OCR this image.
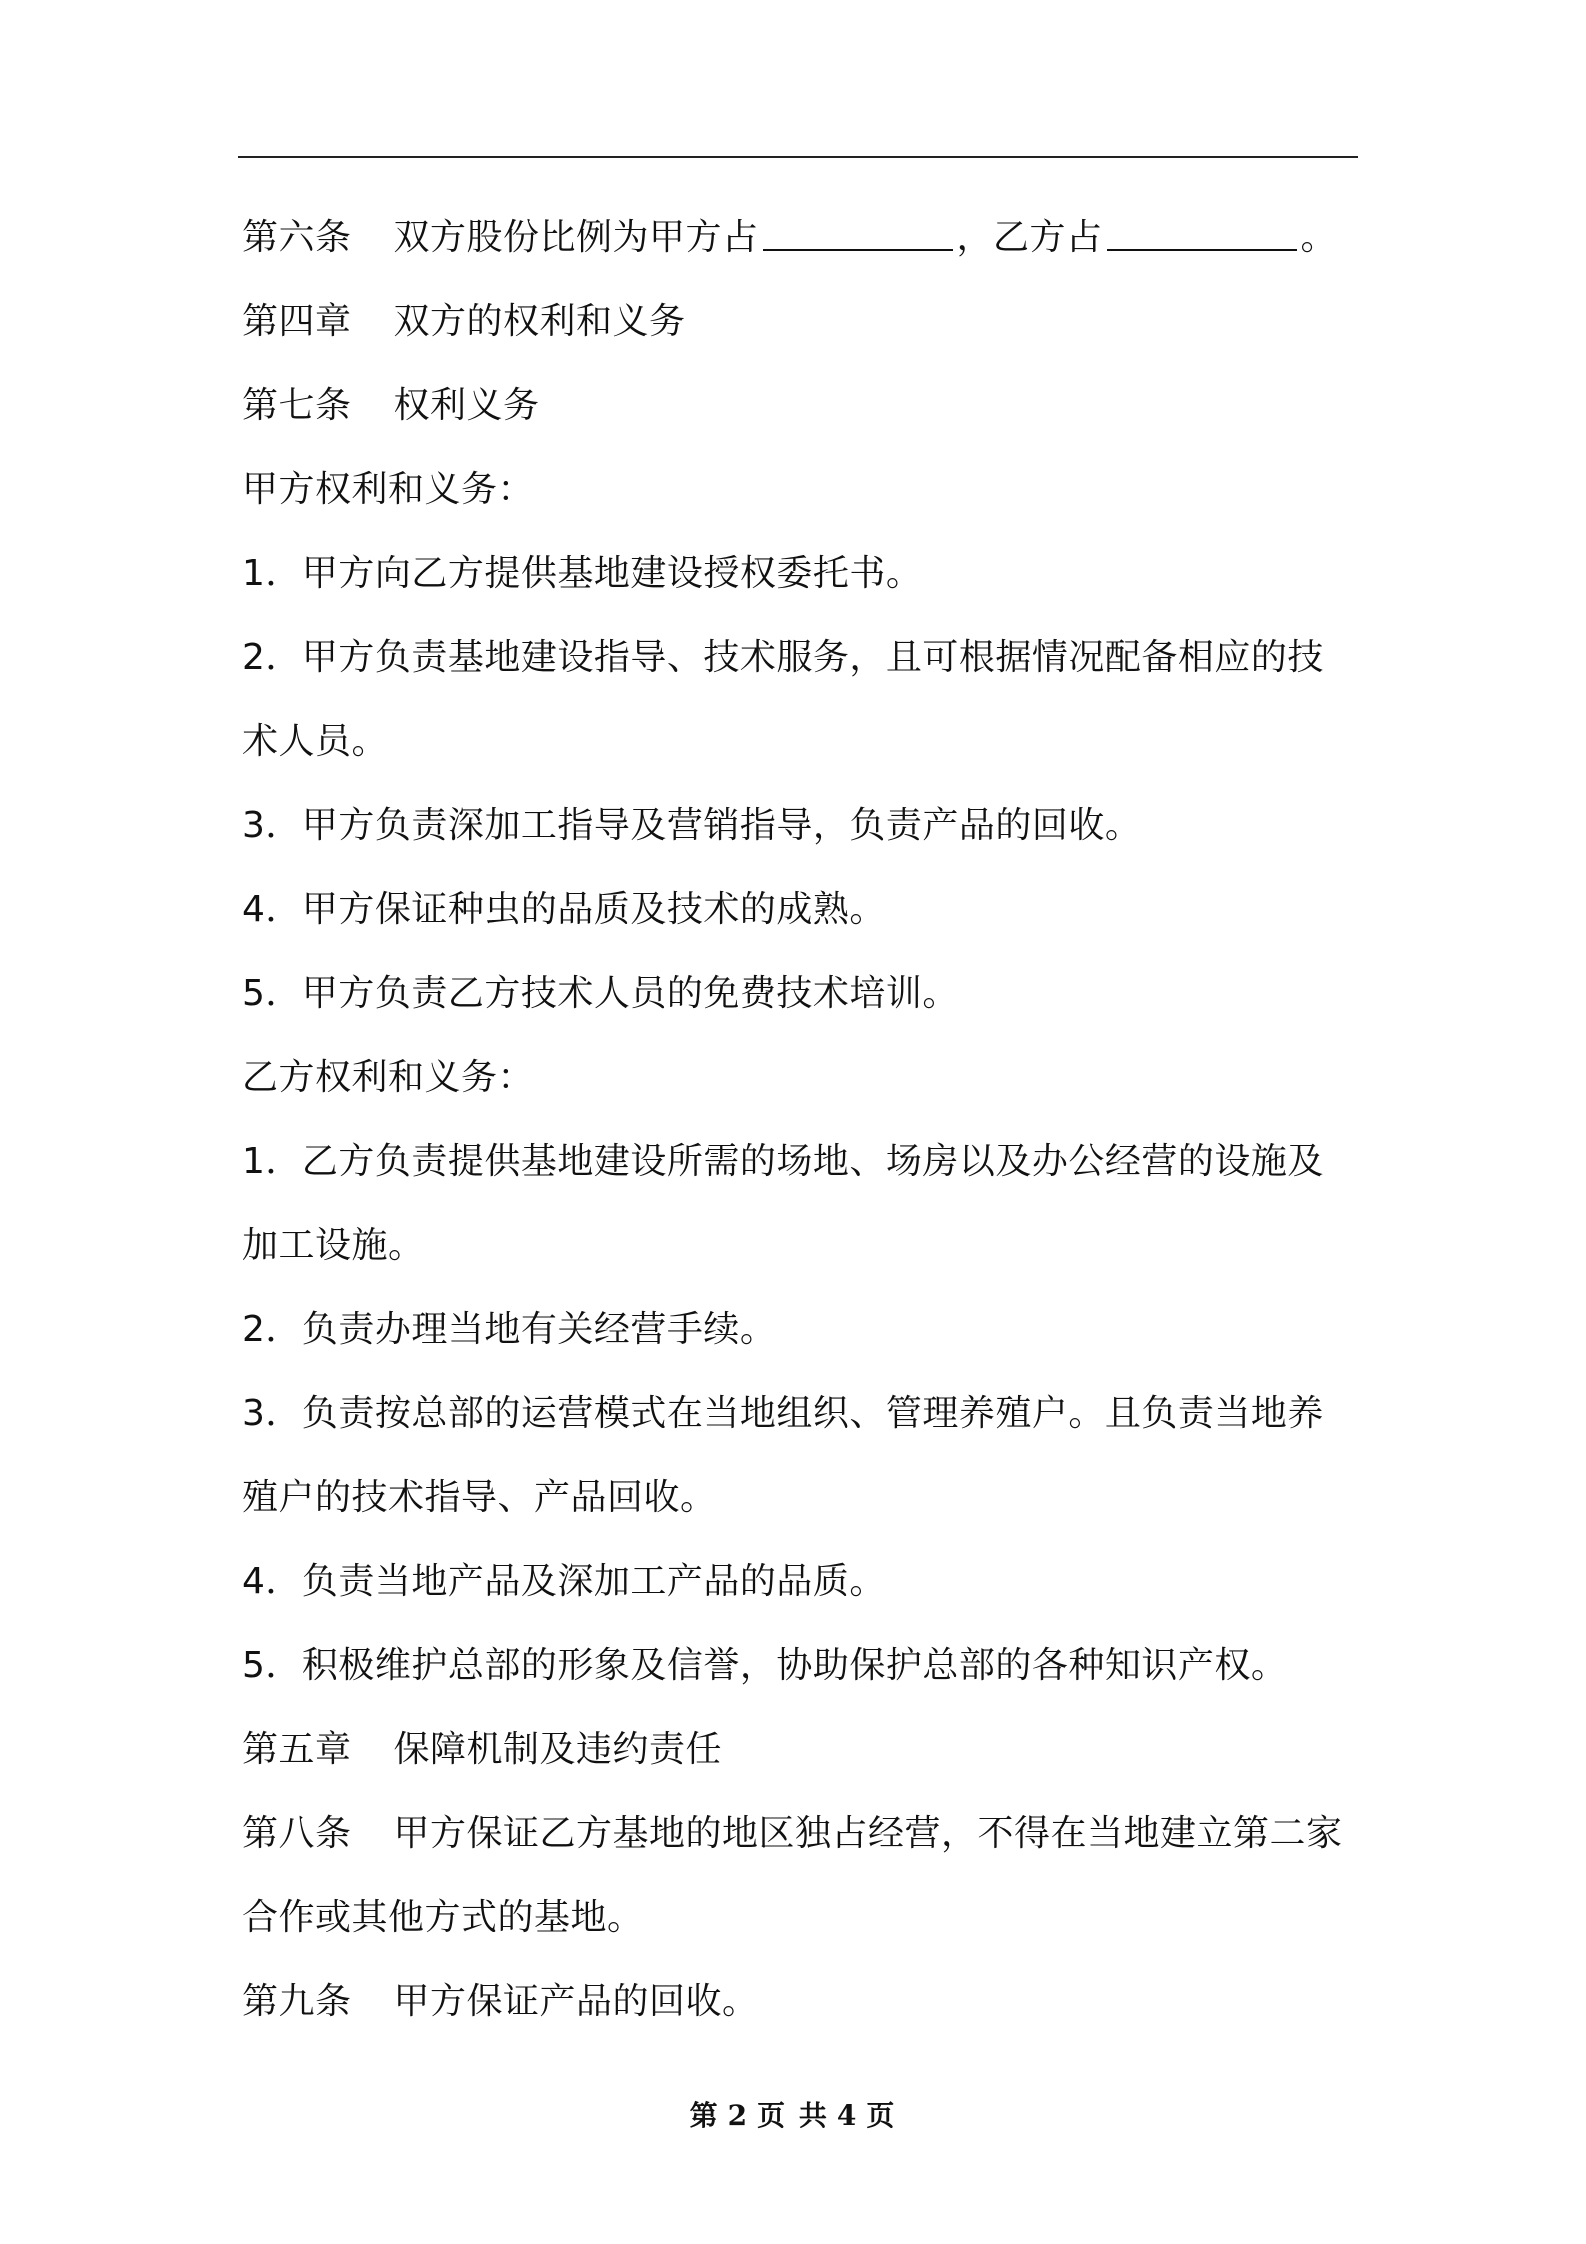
第六条 双方股份比例为甲方占	，乙方占	。
第四章 双方的权利和义务
第七条 权利义务
甲方权利和义务：
1．甲方向乙方提供基地建设授权委托书。
2．甲方负责基地建设指导、技术服务，且可根据情况配备相应的技
术人员。
3．甲方负责深加工指导及营销指导，负责产品的回收。
4．甲方保证种虫的品质及技术的成熟。
5．甲方负责乙方技术人员的免费技术培训。
乙方权利和义务：
1．乙方负责提供基地建设所需的场地、场房以及办公经营的设施及
加工设施。
2．负责办理当地有关经营手续。
3．负责按总部的运营模式在当地组织、管理养殖户。且负责当地养
殖户的技术指导、产品回收。
4．负责当地产品及深加工产品的品质。
5．积极维护总部的形象及信誉，协助保护总部的各种知识产权。
第五章 保障机制及违约责任
第八条 甲方保证乙方基地的地区独占经营，不得在当地建立第二家
合作或其他方式的基地。
第九条 甲方保证产品的回收。
第 2 页 共 4 页
